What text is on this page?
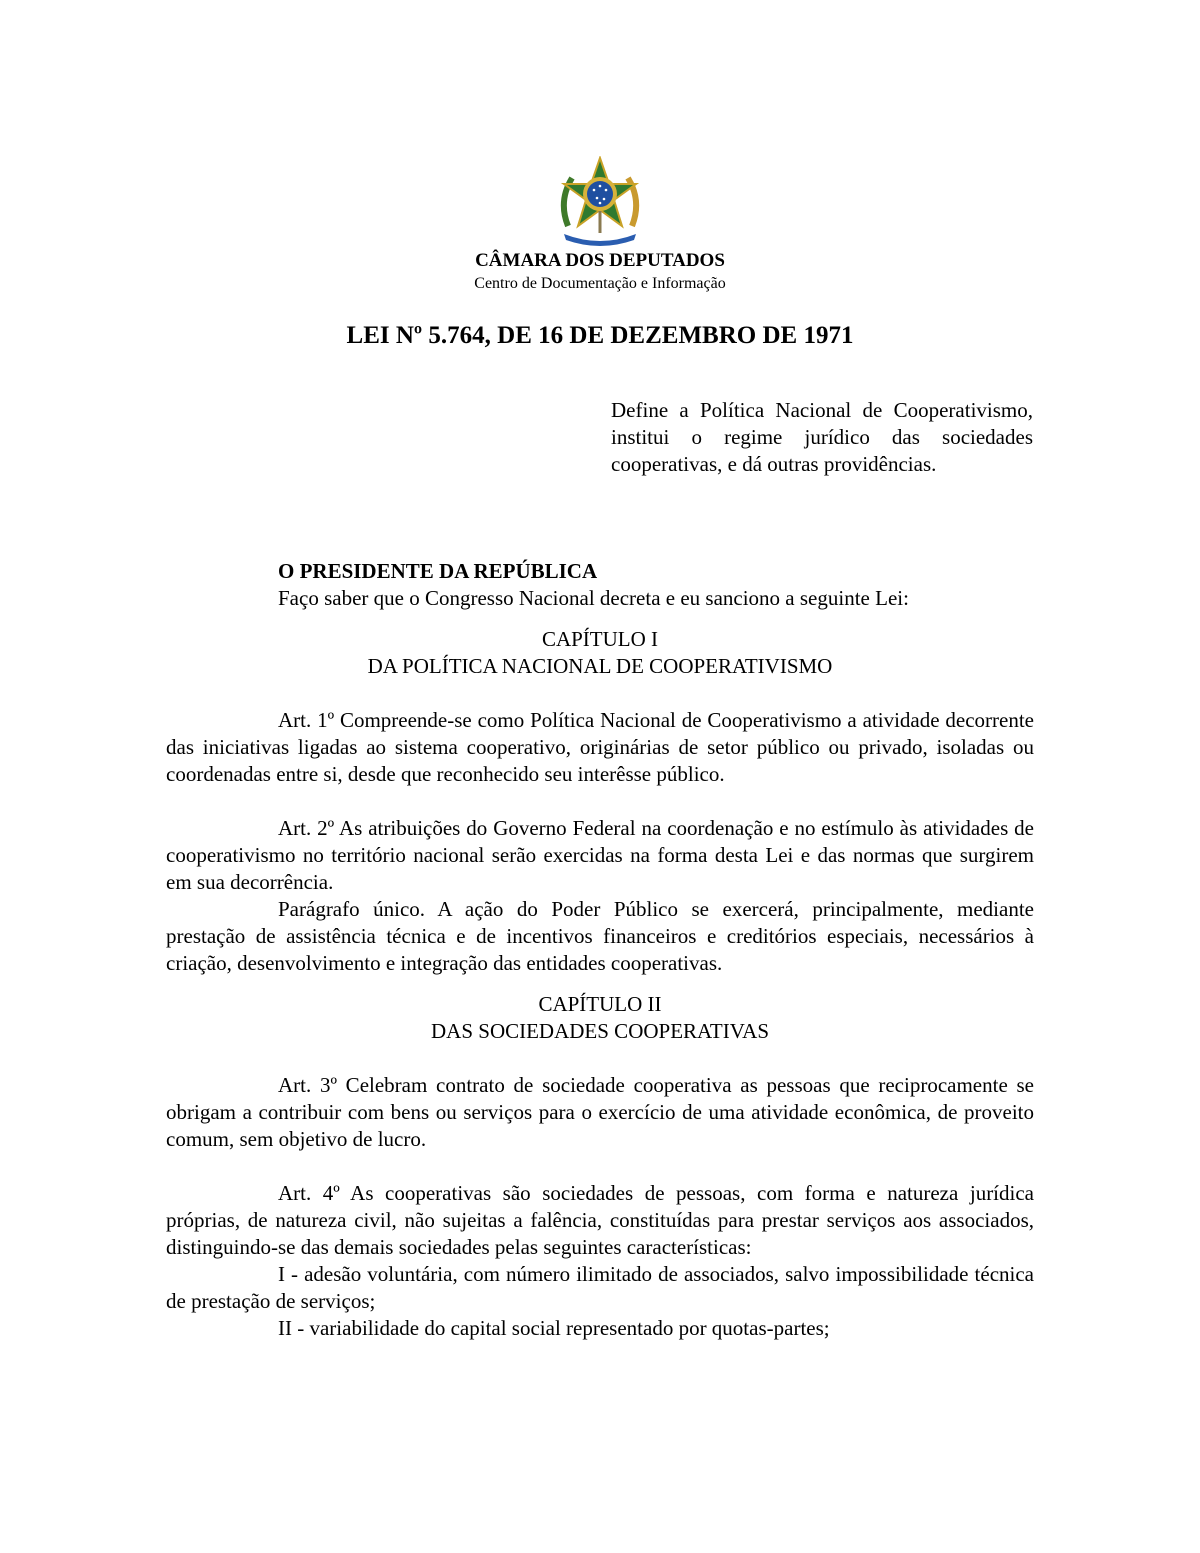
CÂMARA DOS DEPUTADOS
Centro de Documentação e Informação
LEI Nº 5.764, DE 16 DE DEZEMBRO DE 1971
Define a Política Nacional de Cooperativismo, institui o regime jurídico das sociedades cooperativas, e dá outras providências.

O PRESIDENTE DA REPÚBLICA

Faço saber que o Congresso Nacional decreta e eu sanciono a seguinte Lei:

CAPÍTULO I

DA POLÍTICA NACIONAL DE COOPERATIVISMO

Art. 1º Compreende-se como Política Nacional de Cooperativismo a atividade decorrente das iniciativas ligadas ao sistema cooperativo, originárias de setor público ou privado, isoladas ou coordenadas entre si, desde que reconhecido seu interêsse público.

Art. 2º As atribuições do Governo Federal na coordenação e no estímulo às atividades de cooperativismo no território nacional serão exercidas na forma desta Lei e das normas que surgirem em sua decorrência.

Parágrafo único. A ação do Poder Público se exercerá, principalmente, mediante prestação de assistência técnica e de incentivos financeiros e creditórios especiais, necessários à criação, desenvolvimento e integração das entidades cooperativas.

CAPÍTULO II

DAS SOCIEDADES COOPERATIVAS

Art. 3º Celebram contrato de sociedade cooperativa as pessoas que reciprocamente se obrigam a contribuir com bens ou serviços para o exercício de uma atividade econômica, de proveito comum, sem objetivo de lucro.

Art. 4º As cooperativas são sociedades de pessoas, com forma e natureza jurídica próprias, de natureza civil, não sujeitas a falência, constituídas para prestar serviços aos associados, distinguindo-se das demais sociedades pelas seguintes características:

I - adesão voluntária, com número ilimitado de associados, salvo impossibilidade técnica de prestação de serviços;

II - variabilidade do capital social representado por quotas-partes;
